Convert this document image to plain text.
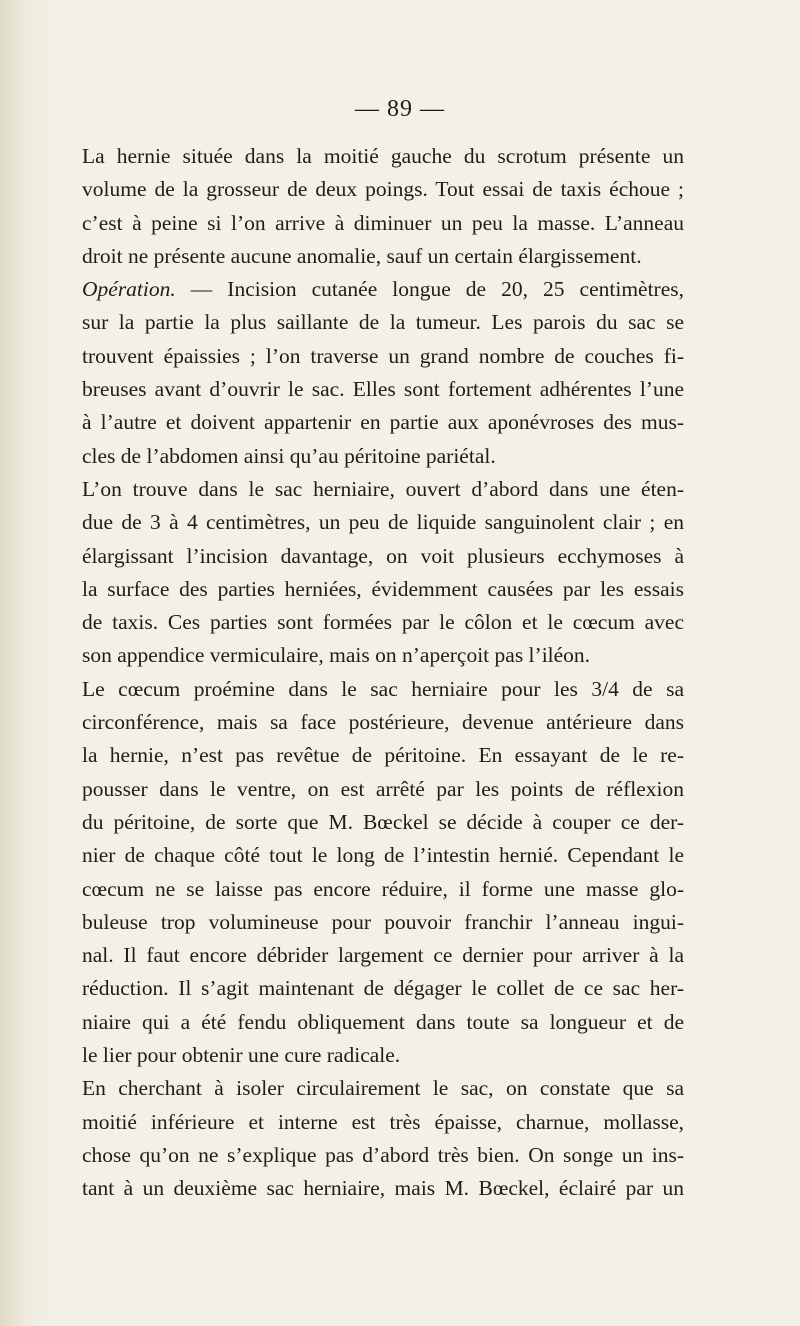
— 89 —
La hernie située dans la moitié gauche du scrotum présente un
volume de la grosseur de deux poings. Tout essai de taxis échoue ;
c’est à peine si l’on arrive à diminuer un peu la masse. L’anneau
droit ne présente aucune anomalie, sauf un certain élargissement.
Opération. — Incision cutanée longue de 20, 25 centimètres,
sur la partie la plus saillante de la tumeur. Les parois du sac se
trouvent épaissies ; l’on traverse un grand nombre de couches fi-
breuses avant d’ouvrir le sac. Elles sont fortement adhérentes l’une
à l’autre et doivent appartenir en partie aux aponévroses des mus-
cles de l’abdomen ainsi qu’au péritoine pariétal.
L’on trouve dans le sac herniaire, ouvert d’abord dans une éten-
due de 3 à 4 centimètres, un peu de liquide sanguinolent clair ; en
élargissant l’incision davantage, on voit plusieurs ecchymoses à
la surface des parties herniées, évidemment causées par les essais
de taxis. Ces parties sont formées par le côlon et le cœcum avec
son appendice vermiculaire, mais on n’aperçoit pas l’iléon.
Le cœcum proémine dans le sac herniaire pour les 3/4 de sa
circonférence, mais sa face postérieure, devenue antérieure dans
la hernie, n’est pas revêtue de péritoine. En essayant de le re-
pousser dans le ventre, on est arrêté par les points de réflexion
du péritoine, de sorte que M. Bœckel se décide à couper ce der-
nier de chaque côté tout le long de l’intestin hernié. Cependant le
cœcum ne se laisse pas encore réduire, il forme une masse glo-
buleuse trop volumineuse pour pouvoir franchir l’anneau ingui-
nal. Il faut encore débrider largement ce dernier pour arriver à la
réduction. Il s’agit maintenant de dégager le collet de ce sac her-
niaire qui a été fendu obliquement dans toute sa longueur et de
le lier pour obtenir une cure radicale.
En cherchant à isoler circulairement le sac, on constate que sa
moitié inférieure et interne est très épaisse, charnue, mollasse,
chose qu’on ne s’explique pas d’abord très bien. On songe un ins-
tant à un deuxième sac herniaire, mais M. Bœckel, éclairé par un
